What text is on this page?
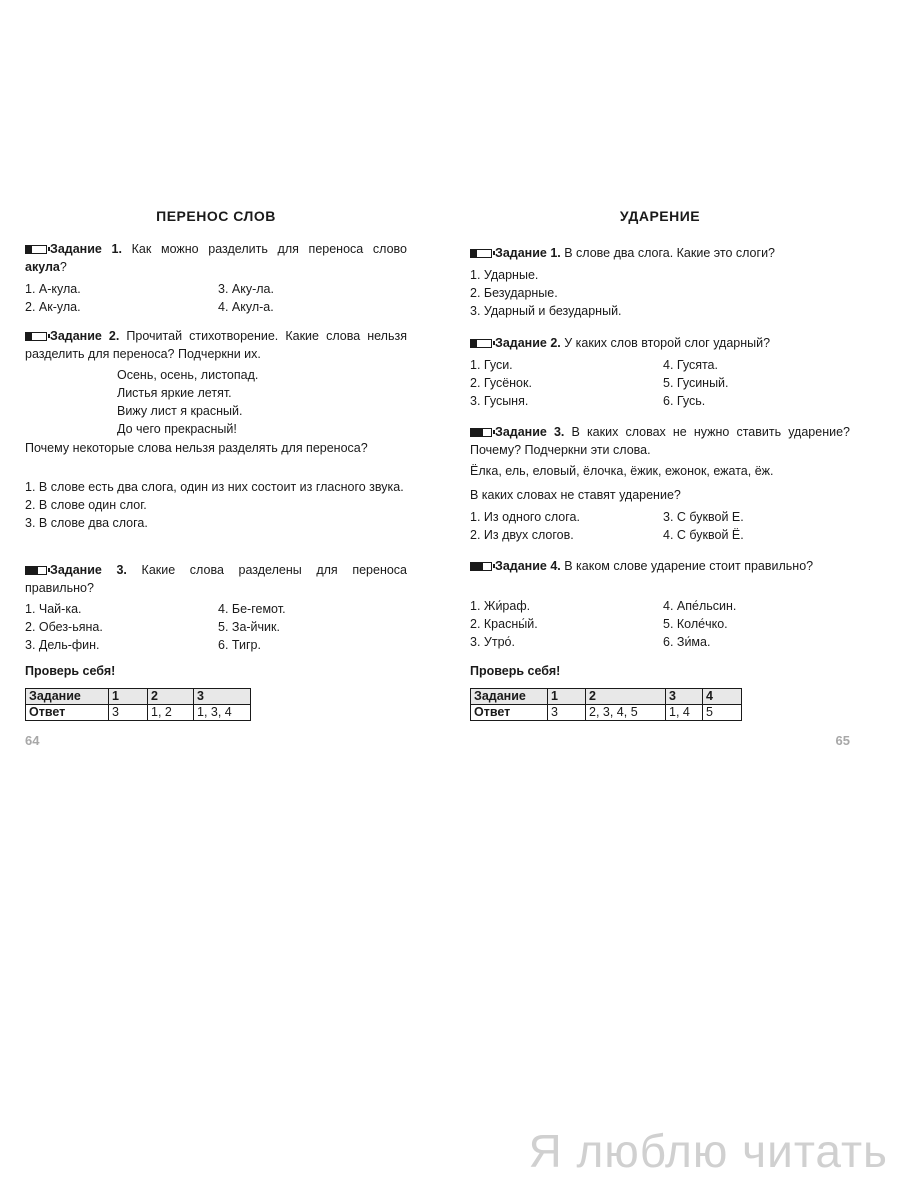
ПЕРЕНОС СЛОВ
Задание 1. Как можно разделить для переноса слово акула?
1. А-кула.
2. Ак-ула.
3. Аку-ла.
4. Акул-а.
Задание 2. Прочитай стихотворение. Какие слова нельзя разделить для переноса? Подчеркни их.
Осень, осень, листопад.
Листья яркие летят.
Вижу лист я красный.
До чего прекрасный!
Почему некоторые слова нельзя разделять для переноса?
1. В слове есть два слога, один из них состоит из гласного звука.
2. В слове один слог.
3. В слове два слога.
Задание 3. Какие слова разделены для переноса правильно?
1. Чай-ка.
2. Обез-ьяна.
3. Дель-фин.
4. Бе-гемот.
5. За-йчик.
6. Тигр.
Проверь себя!
Задание	1	2	3
Ответ	3	1, 2	1, 3, 4
64
УДАРЕНИЕ
Задание 1. В слове два слога. Какие это слоги?
1. Ударные.
2. Безударные.
3. Ударный и безударный.
Задание 2. У каких слов второй слог ударный?
1. Гуси.
2. Гусёнок.
3. Гусыня.
4. Гусята.
5. Гусиный.
6. Гусь.
Задание 3. В каких словах не нужно ставить ударение? Почему? Подчеркни эти слова.
Ёлка, ель, еловый, ёлочка, ёжик, ежонок, ежата, ёж.
В каких словах не ставят ударение?
1. Из одного слога.
2. Из двух слогов.
3. С буквой Е.
4. С буквой Ё.
Задание 4. В каком слове ударение стоит правильно?
1. Жи́раф.
2. Красны́й.
3. Утро́.
4. Апе́льсин.
5. Коле́чко.
6. Зи́ма.
Проверь себя!
Задание	1	2	3	4
Ответ	3	2, 3, 4, 5	1, 4	5
65
Я люблю читать
